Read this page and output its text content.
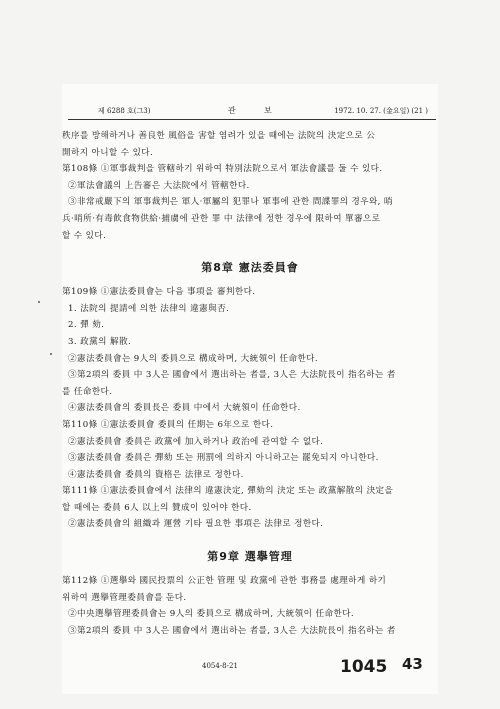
제 6288 호(그3)	관	보	1972. 10. 27. (金요일) (21 )
秩序를 방해하거나 善良한 風俗을 害할 염려가 있을 때에는 法院의 決定으로 公
開하지 아니할 수 있다.
第108條 ①軍事裁判을 管轄하기 위하여 特別法院으로서 軍法會議를 둘 수 있다.
②軍法會議의 上告審은 大法院에서 管轄한다.
③非常戒嚴下의 軍事裁判은 軍人·軍屬의 犯罪나 軍事에 관한 間諜罪의 경우와, 哨
兵·哨所·有毒飮食物供給·捕虜에 관한 罪 中 法律에 정한 경우에 限하여 單審으로
할 수 있다.
第8章 憲法委員會
第109條 ①憲法委員會는 다음 事項을 審判한다.
1. 法院의 提請에 의한 法律의 違憲與否.
2. 彈 劾.
3. 政黨의 解散.
②憲法委員會는 9人의 委員으로 構成하며, 大統領이 任命한다.
③第2項의 委員 中 3人은 國會에서 選出하는 者를, 3人은 大法院長이 指名하는 者
를 任命한다.
④憲法委員會의 委員長은 委員 中에서 大統領이 任命한다.
第110條 ①憲法委員會 委員의 任期는 6年으로 한다.
②憲法委員會 委員은 政黨에 加入하거나 政治에 관여할 수 없다.
③憲法委員會 委員은 彈劾 또는 刑罰에 의하지 아니하고는 罷免되지 아니한다.
④憲法委員會 委員의 資格은 法律로 정한다.
第111條 ①憲法委員會에서 法律의 違憲決定, 彈劾의 決定 또는 政黨解散의 決定을
할 때에는 委員 6人 以上의 贊成이 있어야 한다.
②憲法委員會의 組織과 運營 기타 필요한 事項은 法律로 정한다.
第9章 選擧管理
第112條 ①選擧와 國民投票의 公正한 管理 및 政黨에 관한 事務를 處理하게 하기
위하여 選擧管理委員會를 둔다.
②中央選擧管理委員會는 9人의 委員으로 構成하며, 大統領이 任命한다.
③第2項의 委員 中 3人은 國會에서 選出하는 者를, 3人은 大法院長이 指名하는 者
4054-8-21	1045 43
